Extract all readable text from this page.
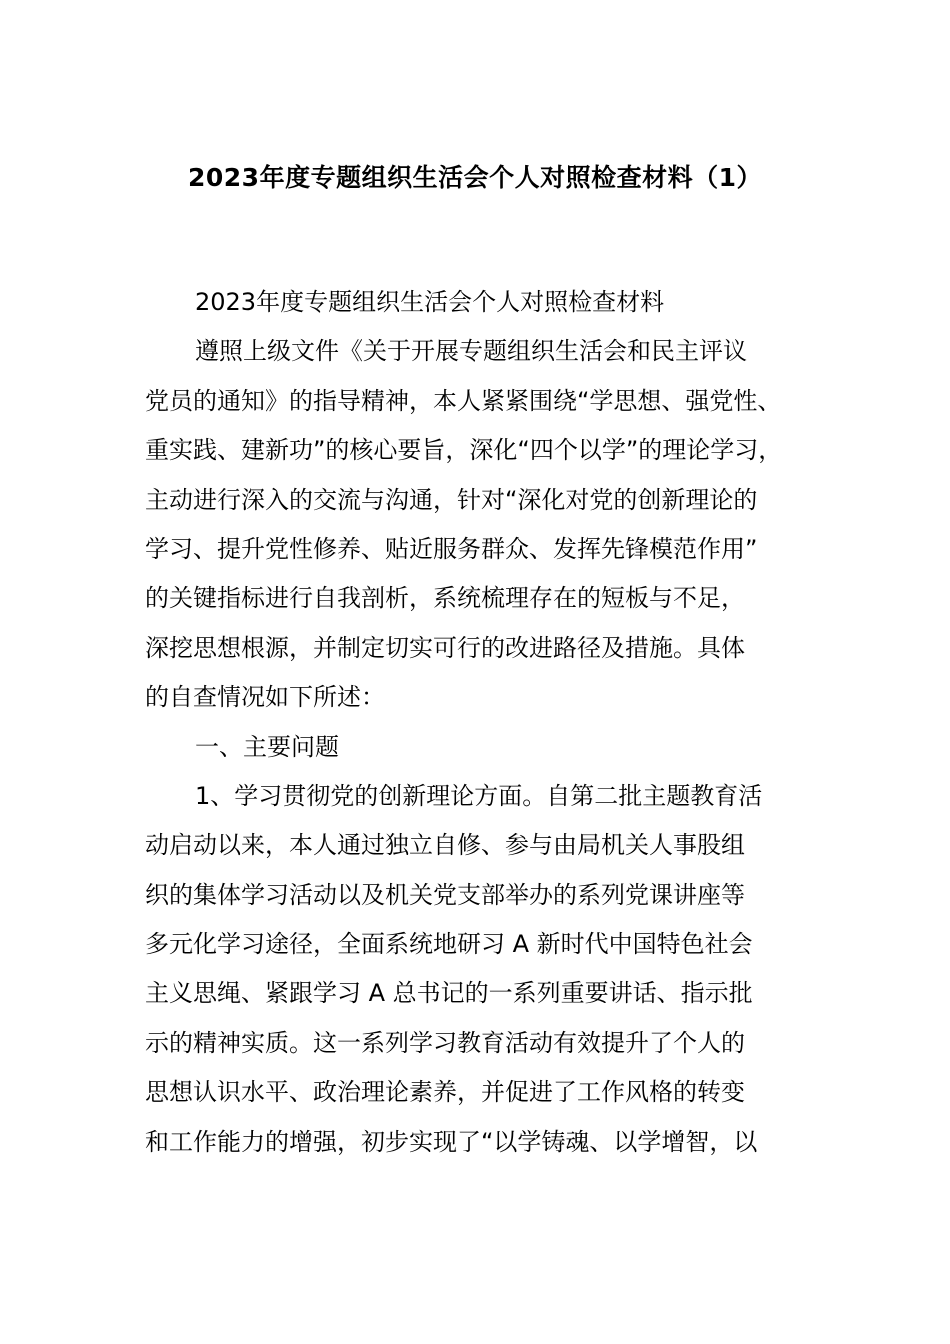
2023年度专题组织生活会个人对照检查材料（1）
2023年度专题组织生活会个人对照检查材料
遵照上级文件《关于开展专题组织生活会和民主评议
党员的通知》的指导精神，本人紧紧围绕“学思想、强党性、
重实践、建新功”的核心要旨，深化“四个以学”的理论学习，
主动进行深入的交流与沟通，针对“深化对党的创新理论的
学习、提升党性修养、贴近服务群众、发挥先锋模范作用”
的关键指标进行自我剖析，系统梳理存在的短板与不足，
深挖思想根源，并制定切实可行的改进路径及措施。具体
的自查情况如下所述：
一、主要问题
1、学习贯彻党的创新理论方面。自第二批主题教育活
动启动以来，本人通过独立自修、参与由局机关人事股组
织的集体学习活动以及机关党支部举办的系列党课讲座等
多元化学习途径，全面系统地研习 A 新时代中国特色社会
主义思绳、紧跟学习 A 总书记的一系列重要讲话、指示批
示的精神实质。这一系列学习教育活动有效提升了个人的
思想认识水平、政治理论素养，并促进了工作风格的转变
和工作能力的增强，初步实现了“以学铸魂、以学增智，以
